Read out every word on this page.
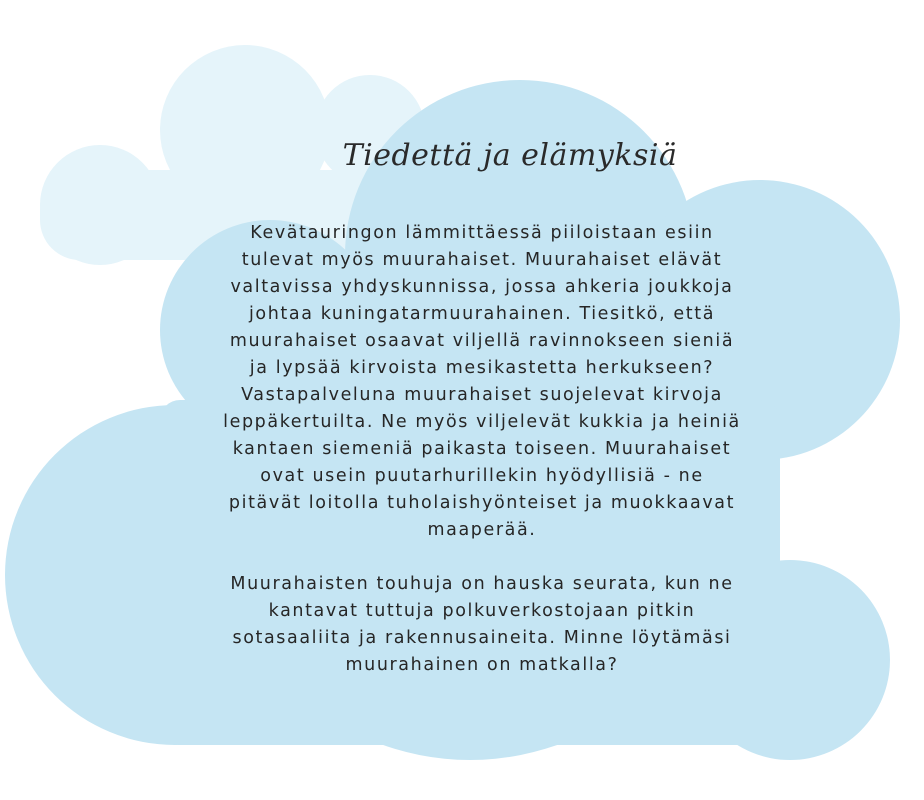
Tiedettä ja elämyksiä

Kevätauringon lämmittäessä piiloistaan esiin tulevat myös muurahaiset. Muurahaiset elävät valtavissa yhdyskunnissa, jossa ahkeria joukkoja johtaa kuningatarmuurahainen. Tiesitkö, että muurahaiset osaavat viljellä ravinnokseen sieniä ja lypsää kirvoista mesikastetta herkukseen? Vastapalveluna muurahaiset suojelevat kirvoja leppäkertuilta. Ne myös viljelevät kukkia ja heiniä kantaen siemeniä paikasta toiseen. Muurahaiset ovat usein puutarhurillekin hyödyllisiä - ne pitävät loitolla tuholaishyönteiset ja muokkaavat maaperää.

Muurahaisten touhuja on hauska seurata, kun ne kantavat tuttuja polkuverkostojaan pitkin sotasaaliita ja rakennusaineita. Minne löytämäsi muurahainen on matkalla?
